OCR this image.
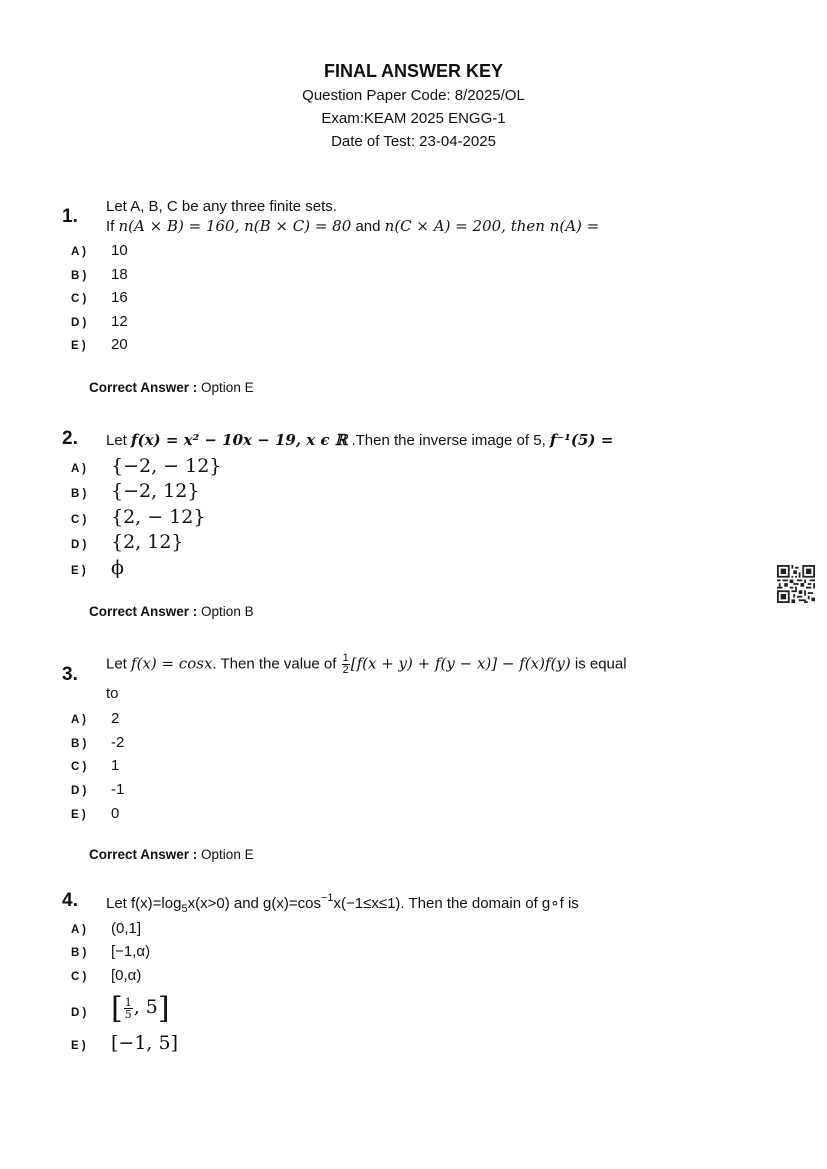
FINAL ANSWER KEY
Question Paper Code: 8/2025/OL
Exam:KEAM 2025 ENGG-1
Date of Test: 23-04-2025
1. Let A, B, C be any three finite sets.
If n(A × B) = 160, n(B × C) = 80 and n(C × A) = 200, then n(A) =
A ) 10
B ) 18
C ) 16
D ) 12
E ) 20
Correct Answer : Option E
2. Let f(x) = x² − 10x − 19, x ϵ ℝ .Then the inverse image of 5, f⁻¹(5) =
A ) {−2, − 12}
B ) {−2, 12}
C ) {2, − 12}
D ) {2, 12}
E ) ϕ
Correct Answer : Option B
3.
Let f(x) = cosx. Then the value of $\frac{1}{2} [f(x + y) + f(y - x)] - f(x)f(y)$ is equal
to
A ) 2
B ) -2
C ) 1
D ) -1
E ) 0
Correct Answer : Option E
4. Let $f(x)=\log_5x(x>0)$ and $g(x)=\cos^{-1}x(-1\le x\le 1)$. Then the domain of g∘f is
A ) (0,1]
B ) [−1,α)
C ) [0,α)
D ) [ $\frac{1}{5}$ , 5]
E ) [−1, 5]
